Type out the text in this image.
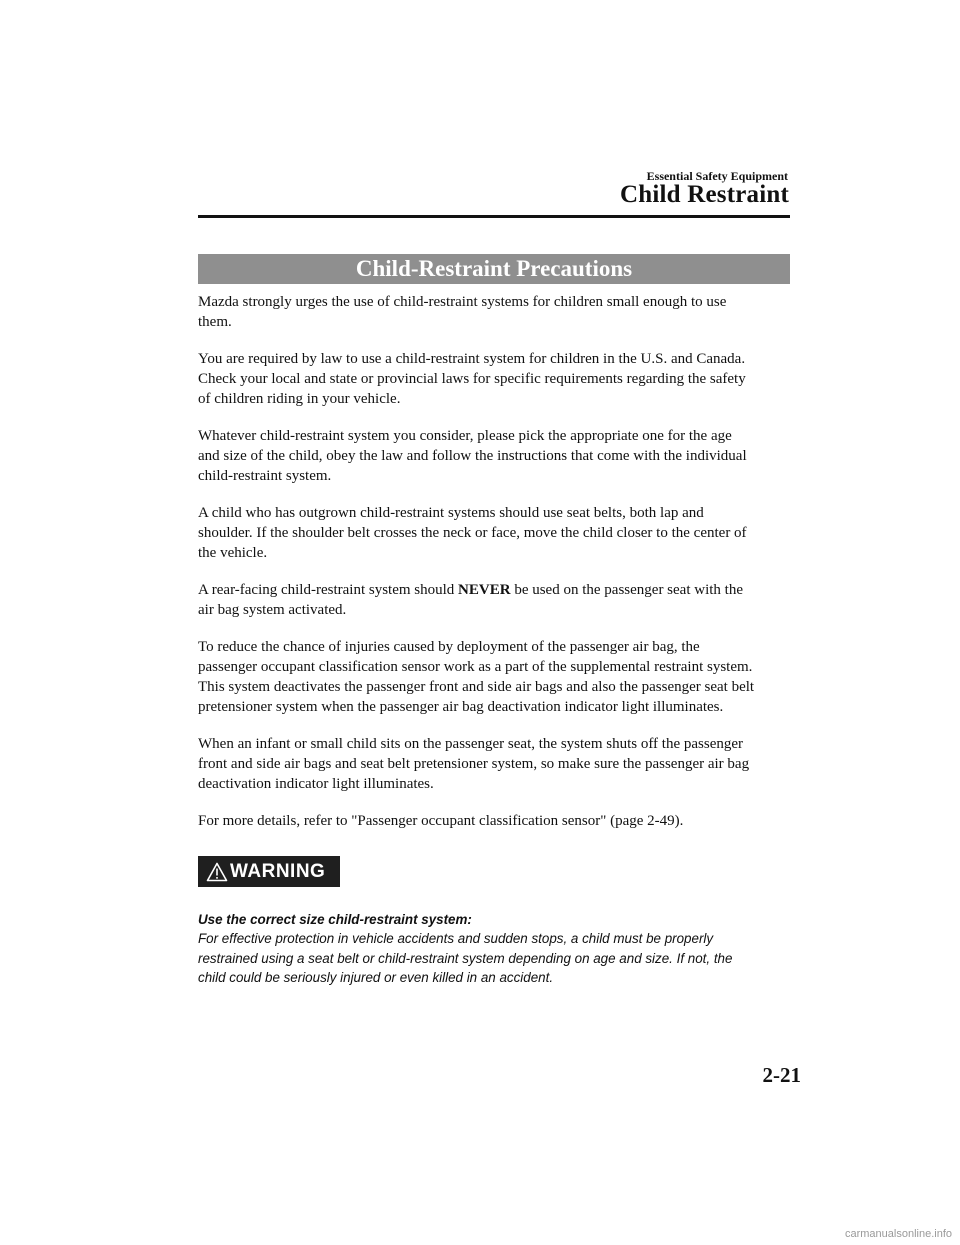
Essential Safety Equipment
Child Restraint
Child-Restraint Precautions

Mazda strongly urges the use of child-restraint systems for children small enough to use
them.

You are required by law to use a child-restraint system for children in the U.S. and Canada.
Check your local and state or provincial laws for specific requirements regarding the safety
of children riding in your vehicle.

Whatever child-restraint system you consider, please pick the appropriate one for the age
and size of the child, obey the law and follow the instructions that come with the individual
child-restraint system.

A child who has outgrown child-restraint systems should use seat belts, both lap and
shoulder. If the shoulder belt crosses the neck or face, move the child closer to the center of
the vehicle.

A rear-facing child-restraint system should NEVER be used on the passenger seat with the
air bag system activated.

To reduce the chance of injuries caused by deployment of the passenger air bag, the
passenger occupant classification sensor work as a part of the supplemental restraint system.
This system deactivates the passenger front and side air bags and also the passenger seat belt
pretensioner system when the passenger air bag deactivation indicator light illuminates.

When an infant or small child sits on the passenger seat, the system shuts off the passenger
front and side air bags and seat belt pretensioner system, so make sure the passenger air bag
deactivation indicator light illuminates.

For more details, refer to "Passenger occupant classification sensor" (page 2-49).

WARNING
Use the correct size child-restraint system:
For effective protection in vehicle accidents and sudden stops, a child must be properly
restrained using a seat belt or child-restraint system depending on age and size. If not, the
child could be seriously injured or even killed in an accident.
2-21
carmanualsonline.info
